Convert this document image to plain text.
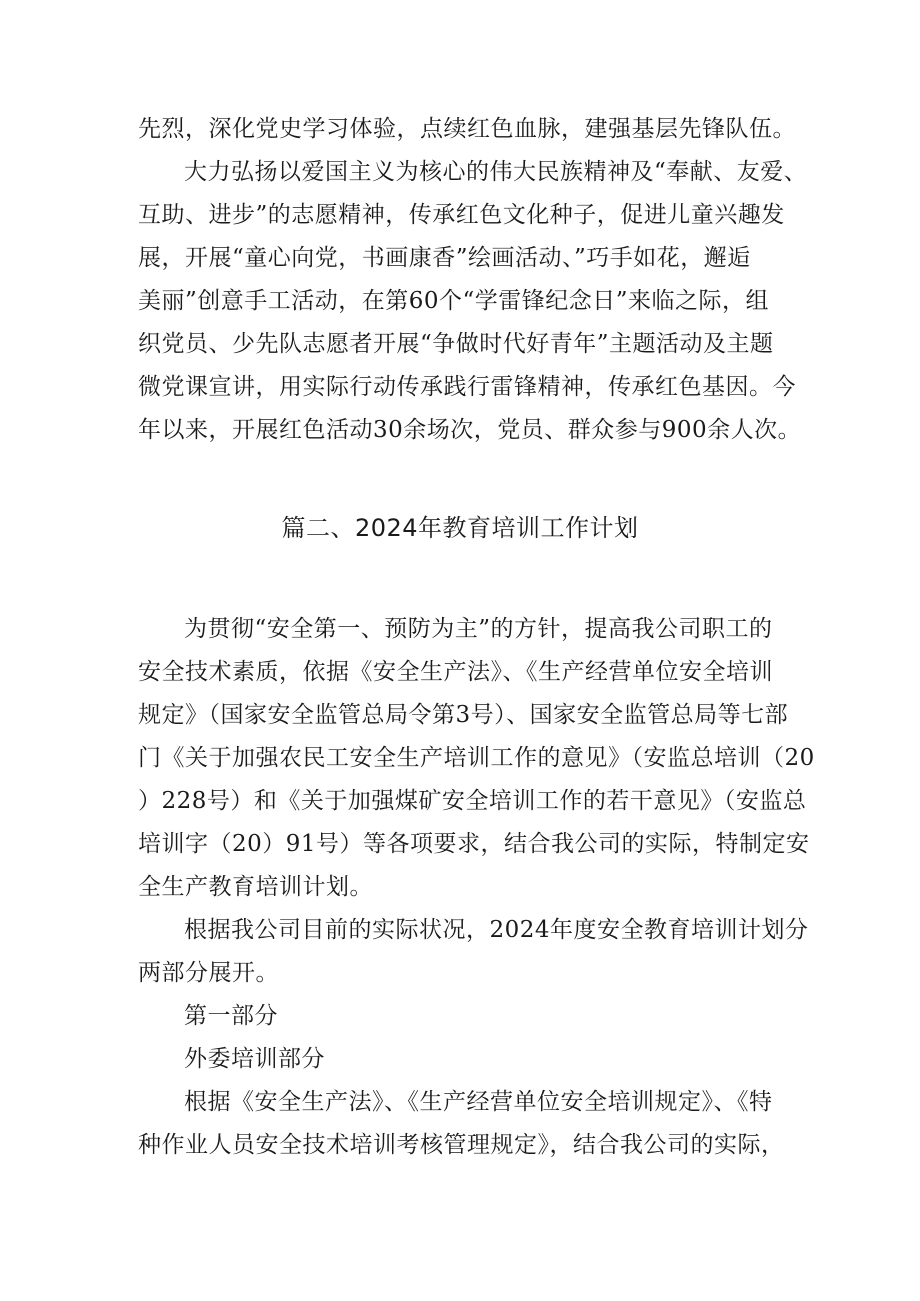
先烈，深化党史学习体验，点续红色血脉，建强基层先锋队伍。
大力弘扬以爱国主义为核心的伟大民族精神及“奉献、友爱、
互助、进步”的志愿精神，传承红色文化种子，促进儿童兴趣发
展，开展“童心向党，书画康香”绘画活动、”巧手如花，邂逅
美丽”创意手工活动，在第60个“学雷锋纪念日”来临之际，组
织党员、少先队志愿者开展“争做时代好青年”主题活动及主题
微党课宣讲，用实际行动传承践行雷锋精神，传承红色基因。今
年以来，开展红色活动30余场次，党员、群众参与900余人次。
篇二、2024年教育培训工作计划
为贯彻“安全第一、预防为主”的方针，提高我公司职工的
安全技术素质，依据《安全生产法》、《生产经营单位安全培训
规定》（国家安全监管总局令第3号）、国家安全监管总局等七部
门《关于加强农民工安全生产培训工作的意见》（安监总培训（20
）228号）和《关于加强煤矿安全培训工作的若干意见》（安监总
培训字（20）91号）等各项要求，结合我公司的实际，特制定安
全生产教育培训计划。
根据我公司目前的实际状况，2024年度安全教育培训计划分
两部分展开。
第一部分
外委培训部分
根据《安全生产法》、《生产经营单位安全培训规定》、《特
种作业人员安全技术培训考核管理规定》，结合我公司的实际，
